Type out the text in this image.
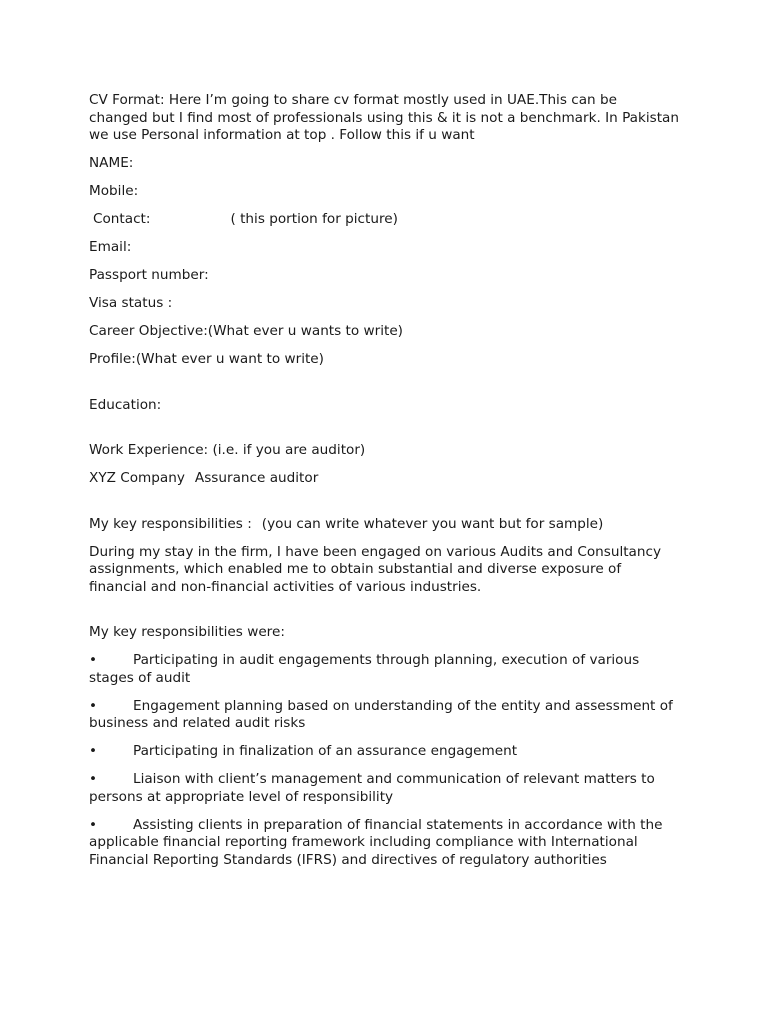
CV Format: Here I’m going to share cv format mostly used in UAE.This can be changed but I find most of professionals using this & it is not a benchmark. In Pakistan we use Personal information at top . Follow this if u want

NAME:

Mobile:

Contact:	( this portion for picture)

Email:

Passport number:

Visa status :

Career Objective:(What ever u wants to write)

Profile:(What ever u want to write)

Education:

Work Experience: (i.e. if you are auditor)

XYZ Company Assurance auditor

My key responsibilities : (you can write whatever you want but for sample)

During my stay in the firm, I have been engaged on various Audits and Consultancy assignments, which enabled me to obtain substantial and diverse exposure of financial and non-financial activities of various industries.

My key responsibilities were:

•	Participating in audit engagements through planning, execution of various stages of audit

•	Engagement planning based on understanding of the entity and assessment of business and related audit risks

•	Participating in finalization of an assurance engagement

•	Liaison with client’s management and communication of relevant matters to persons at appropriate level of responsibility

•	Assisting clients in preparation of financial statements in accordance with the applicable financial reporting framework including compliance with International Financial Reporting Standards (IFRS) and directives of regulatory authorities
